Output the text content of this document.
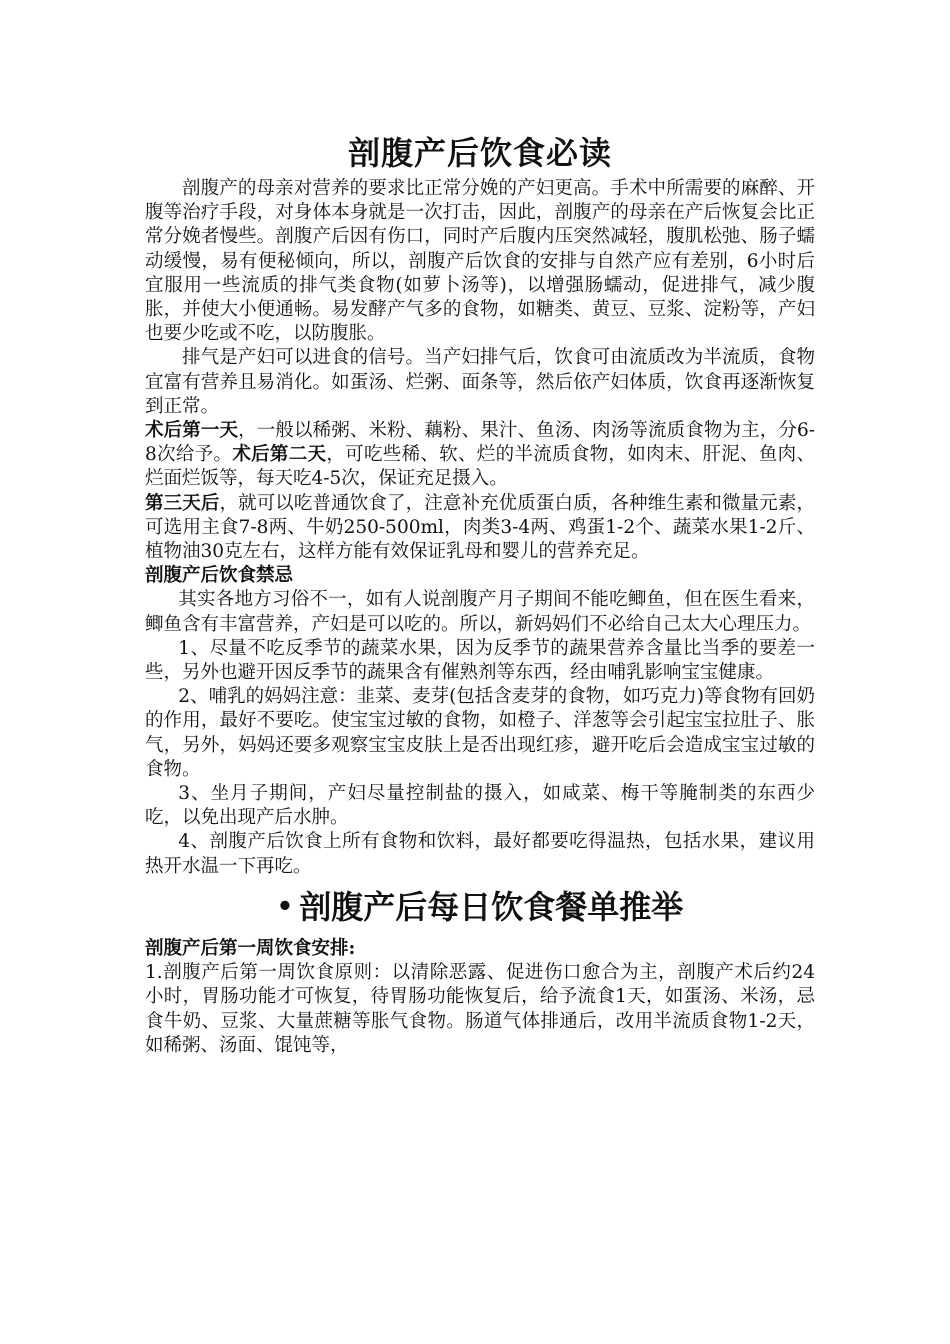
剖腹产后饮食必读

剖腹产的母亲对营养的要求比正常分娩的产妇更高。手术中所需要的麻醉、开腹等治疗手段，对身体本身就是一次打击，因此，剖腹产的母亲在产后恢复会比正常分娩者慢些。剖腹产后因有伤口，同时产后腹内压突然减轻，腹肌松弛、肠子蠕动缓慢，易有便秘倾向，所以，剖腹产后饮食的安排与自然产应有差别，6小时后宜服用一些流质的排气类食物(如萝卜汤等)，以增强肠蠕动，促进排气，减少腹胀，并使大小便通畅。易发酵产气多的食物，如糖类、黄豆、豆浆、淀粉等，产妇也要少吃或不吃，以防腹胀。

排气是产妇可以进食的信号。当产妇排气后，饮食可由流质改为半流质，食物宜富有营养且易消化。如蛋汤、烂粥、面条等，然后依产妇体质，饮食再逐渐恢复到正常。

术后第一天，一般以稀粥、米粉、藕粉、果汁、鱼汤、肉汤等流质食物为主，分6-8次给予。术后第二天，可吃些稀、软、烂的半流质食物，如肉末、肝泥、鱼肉、烂面烂饭等，每天吃4-5次，保证充足摄入。

第三天后，就可以吃普通饮食了，注意补充优质蛋白质，各种维生素和微量元素，可选用主食7-8两、牛奶250-500ml，肉类3-4两、鸡蛋1-2个、蔬菜水果1-2斤、植物油30克左右，这样方能有效保证乳母和婴儿的营养充足。

剖腹产后饮食禁忌

其实各地方习俗不一，如有人说剖腹产月子期间不能吃鲫鱼，但在医生看来，鲫鱼含有丰富营养，产妇是可以吃的。所以，新妈妈们不必给自己太大心理压力。

1、尽量不吃反季节的蔬菜水果，因为反季节的蔬果营养含量比当季的要差一些，另外也避开因反季节的蔬果含有催熟剂等东西，经由哺乳影响宝宝健康。

2、哺乳的妈妈注意：韭菜、麦芽(包括含麦芽的食物，如巧克力)等食物有回奶的作用，最好不要吃。使宝宝过敏的食物，如橙子、洋葱等会引起宝宝拉肚子、胀气，另外，妈妈还要多观察宝宝皮肤上是否出现红疹，避开吃后会造成宝宝过敏的食物。

3、坐月子期间，产妇尽量控制盐的摄入，如咸菜、梅干等腌制类的东西少吃，以免出现产后水肿。

4、剖腹产后饮食上所有食物和饮料，最好都要吃得温热，包括水果，建议用热开水温一下再吃。

• 剖腹产后每日饮食餐单推举

剖腹产后第一周饮食安排:

1.剖腹产后第一周饮食原则：以清除恶露、促进伤口愈合为主，剖腹产术后约24小时，胃肠功能才可恢复，待胃肠功能恢复后，给予流食1天，如蛋汤、米汤，忌食牛奶、豆浆、大量蔗糖等胀气食物。肠道气体排通后，改用半流质食物1-2天，如稀粥、汤面、馄饨等，
